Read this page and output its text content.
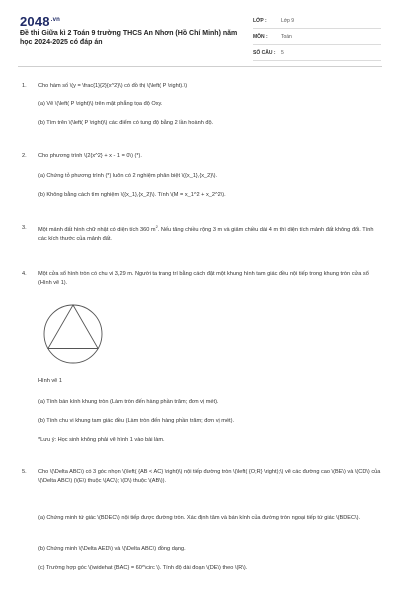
$2048^{.vn}$
Đề thi Giữa kì 2 Toán 9 trường THCS An Nhơn (Hồ Chí Minh) năm học 2024-2025 có đáp án
LỚP :	Lớp 9
MÔN :	Toán
SỐ CÂU :	5
1. Cho hàm số \(y = \frac{1}{2}{x^2}\) có đồ thị \(\left( P \right).\)
(a) Vẽ \(\left( P \right)\) trên mặt phẳng tọa độ Oxy.
(b) Tìm trên \(\left( P \right)\) các điểm có tung độ bằng 2 lần hoành độ.
2. Cho phương trình \(2{x^2} + x - 1 = 0\) (*).
(a) Chứng tỏ phương trình (*) luôn có 2 nghiệm phân biệt \({x_1},{x_2}\).
(b) Không bằng cách tìm nghiệm \({x_1},{x_2}\). Tính \(M = x_1^2 + x_2^2\).
3. Một mảnh đất hình chữ nhật có diện tích 360 $m^2$. Nếu tăng chiều rộng 3 m và giảm chiều dài 4 m thì diện tích mảnh đất không đổi. Tính các kích thước của mảnh đất.
4. Một cửa sổ hình tròn có chu vi 3,29 m. Người ta trang trí bằng cách đặt một khung hình tam giác đều nội tiếp trong khung tròn cửa sổ (Hình vẽ 1).
Hình vẽ 1
(a) Tính bán kính khung tròn (Làm tròn đến hàng phần trăm; đơn vị mét).
(b) Tính chu vi khung tam giác đều (Làm tròn đến hàng phần trăm; đơn vị mét).
*Lưu ý: Học sinh không phải vẽ hình 1 vào bài làm.
5. Cho \(\Delta ABC\) có 3 góc nhọn \(\left( {AB < AC} \right)\) nội tiếp đường tròn \(\left( {O;R} \right);\) vẽ các đường cao \(BE\) và \(CD\) của \(\Delta ABC\) (\(E\) thuộc \(AC\); \(D\) thuộc \(AB\)).
(a) Chứng minh tứ giác \(BDEC\) nội tiếp được đường tròn. Xác định tâm và bán kính của đường tròn ngoại tiếp tứ giác \(BDEC\).
(b) Chứng minh \(\Delta AED\) và \(\Delta ABC\) đồng dạng.
(c) Trường hợp góc \(\widehat {BAC} = 60^\circ \). Tính độ dài đoạn \(DE\) theo \(R\).
